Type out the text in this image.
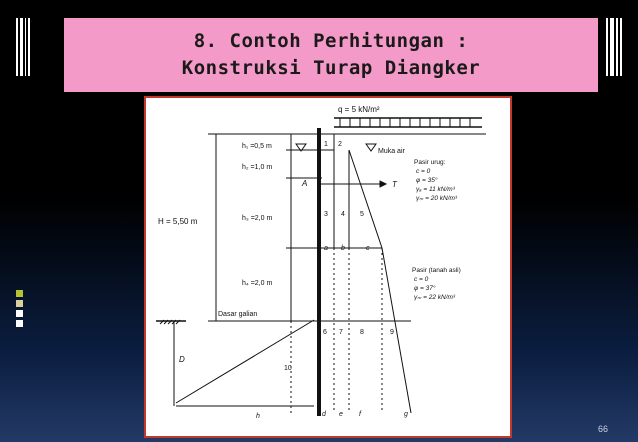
8. Contoh Perhitungan :
Konstruksi Turap Diangker
q = 5 kN/m²
h₁ =0,5 m
h₂ =1,0 m
h₃ =2,0 m
h₄ =2,0 m
H = 5,50 m
D
A	T
Muka air
Dasar galian
Pasir urug:
c = 0
φ = 35°
γₐ = 11 kN/m³
γₘ = 20 kN/m³
Pasir (tanah asli)
c = 0
φ = 37°
γₘ = 22 kN/m³
1 2
3 4 5
a b	c
6 7 8	9
10
d e f	g
h
66
